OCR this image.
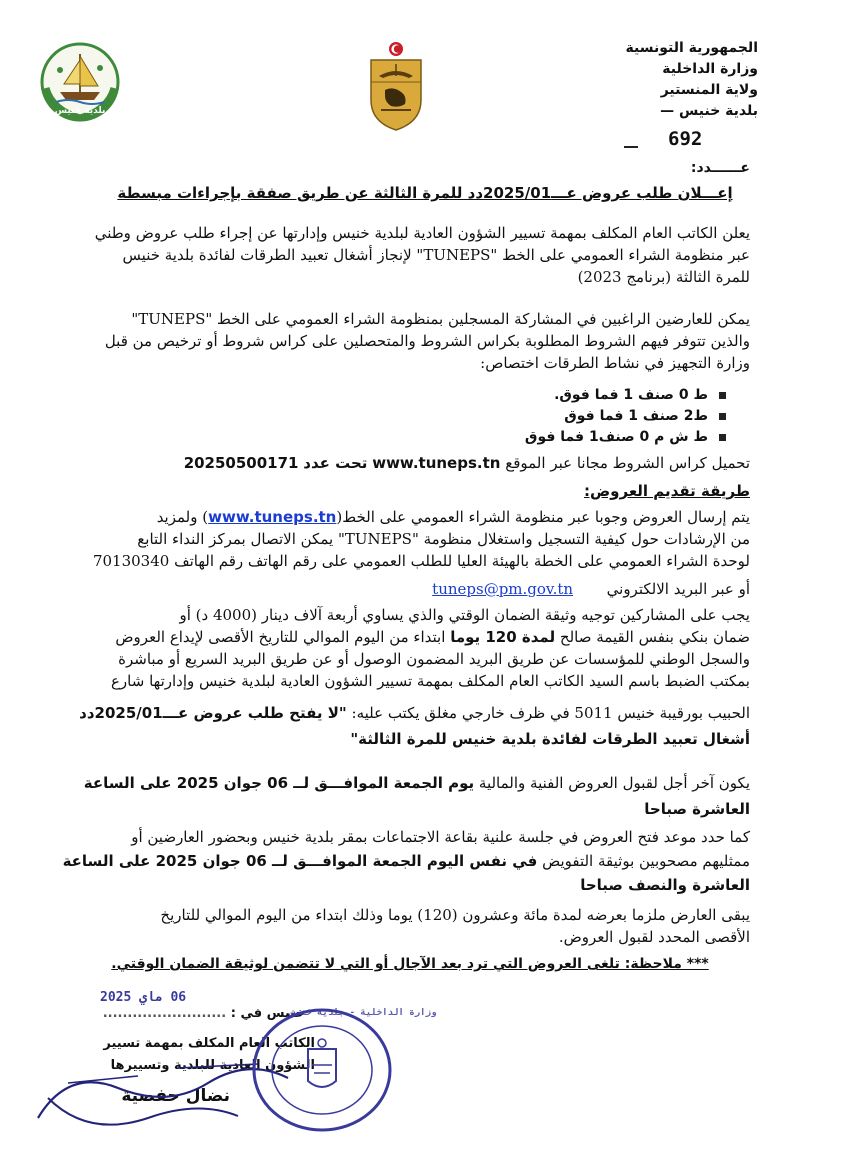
الجمهورية التونسية
وزارة الداخلية
ولاية المنستير
بلدية خنيس —
692
عــــــدد:
بلدية خنيس
إعـــلان طلب عروض عـــ2025/01دد للمرة الثالثة عن طريق صفقة بإجراءات مبسطة
يعلن الكاتب العام المكلف بمهمة تسيير الشؤون العادية لبلدية خنيس وإدارتها عن إجراء طلب عروض وطني
عبر منظومة الشراء العمومي على الخط "TUNEPS" لإنجاز أشغال تعبيد الطرقات لفائدة بلدية خنيس
للمرة الثالثة (برنامج 2023)
يمكن للعارضين الراغبين في المشاركة المسجلين بمنظومة الشراء العمومي على الخط "TUNEPS"
والذين تتوفر فيهم الشروط المطلوبة بكراس الشروط والمتحصلين على كراس شروط أو ترخيص من قبل
وزارة التجهيز في نشاط الطرقات اختصاص:
ط 0 صنف 1 فما فوق.
ط2 صنف 1 فما فوق
ط ش م 0 صنف1 فما فوق
تحميل كراس الشروط مجانا عبر الموقع www.tuneps.tn تحت عدد 20250500171
طريقة تقديم العروض:
يتم إرسال العروض وجوبا عبر منظومة الشراء العمومي على الخط(www.tuneps.tn) ولمزيد
من الإرشادات حول كيفية التسجيل واستغلال منظومة "TUNEPS" يمكن الاتصال بمركز النداء التابع
لوحدة الشراء العمومي على الخطة بالهيئة العليا للطلب العمومي على رقم الهاتف رقم الهاتف 70130340
أو عبر البريد الالكتروني  tuneps@pm.gov.tn
يجب على المشاركين توجيه وثيقة الضمان الوقتي والذي يساوي أربعة آلاف دينار (4000 د) أو
ضمان بنكي بنفس القيمة صالح لمدة 120 يوما ابتداء من اليوم الموالي للتاريخ الأقصى لإيداع العروض
والسجل الوطني للمؤسسات عن طريق البريد المضمون الوصول أو عن طريق البريد السريع أو مباشرة
بمكتب الضبط باسم السيد الكاتب العام المكلف بمهمة تسيير الشؤون العادية لبلدية خنيس وإدارتها شارع
الحبيب بورقيبة خنيس 5011 في ظرف خارجي مغلق يكتب عليه: "لا يفتح طلب عروض عـــ2025/01دد
أشغال تعبيد الطرقات لفائدة بلدية خنيس للمرة الثالثة"
يكون آخر أجل لقبول العروض الفنية والمالية يوم الجمعة الموافـــق لــ 06 جوان 2025 على الساعة
العاشرة صباحا
كما حدد موعد فتح العروض في جلسة علنية بقاعة الاجتماعات بمقر بلدية خنيس وبحضور العارضين أو
ممثليهم مصحوبين بوثيقة التفويض في نفس اليوم الجمعة الموافـــق لــ 06 جوان 2025 على الساعة
العاشرة والنصف صباحا
يبقى العارض ملزما بعرضه لمدة مائة وعشرون (120) يوما وذلك ابتداء من اليوم الموالي للتاريخ
الأقصى المحدد لقبول العروض.
*** ملاحظة: تلغى العروض التي ترد بعد الآجال أو التي لا تتضمن لوثيقة الضمان الوقتي.
خنيس في : .........................
06 ماي 2025
الكاتب العام المكلف بمهمة تسيير
الشؤون العادية للبلدية وتسييرها
نضال حفصية
وزارة الداخلية - بلدية خنيس
